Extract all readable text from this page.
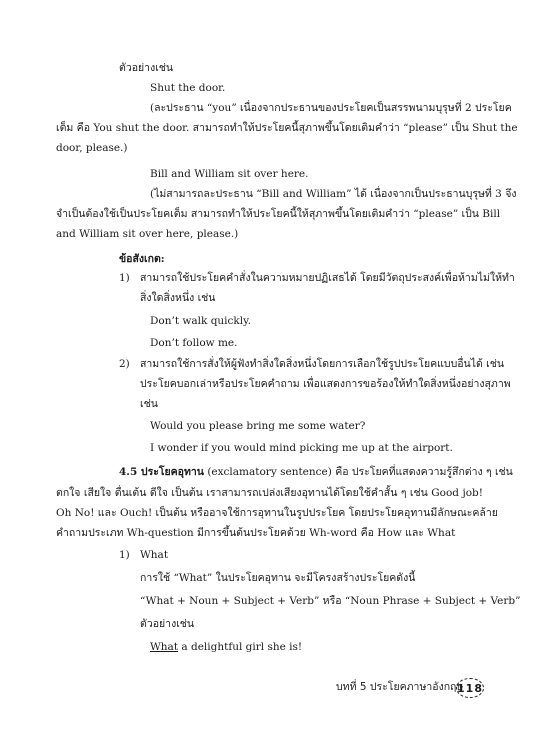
ตัวอย่างเช่น
Shut the door.
(ละประธาน “you” เนื่องจากประธานของประโยคเป็นสรรพนามบุรุษที่ 2 ประโยค
เต็ม คือ You shut the door. สามารถทำให้ประโยคนี้สุภาพขึ้นโดยเติมคำว่า “please” เป็น Shut the
door, please.)
Bill and William sit over here.
(ไม่สามารถละประธาน “Bill and William” ได้ เนื่องจากเป็นประธานบุรุษที่ 3 จึง
จำเป็นต้องใช้เป็นประโยคเต็ม สามารถทำให้ประโยคนี้ให้สุภาพขึ้นโดยเติมคำว่า “please” เป็น Bill
and William sit over here, please.)
ข้อสังเกต:
1) สามารถใช้ประโยคคำสั่งในความหมายปฏิเสธได้ โดยมีวัตถุประสงค์เพื่อห้ามไม่ให้ทำ
สิ่งใดสิ่งหนึ่ง เช่น
Don’t walk quickly.
Don’t follow me.
2) สามารถใช้การสั่งให้ผู้ฟังทำสิ่งใดสิ่งหนึ่งโดยการเลือกใช้รูปประโยคแบบอื่นได้ เช่น
ประโยคบอกเล่าหรือประโยคคำถาม เพื่อแสดงการขอร้องให้ทำใดสิ่งหนึ่งอย่างสุภาพ
เช่น
Would you please bring me some water?
I wonder if you would mind picking me up at the airport.
4.5 ประโยคอุทาน (exclamatory sentence) คือ ประโยคที่แสดงความรู้สึกต่าง ๆ เช่น
ตกใจ เสียใจ ตื่นเต้น ดีใจ เป็นต้น เราสามารถเปล่งเสียงอุทานได้โดยใช้คำสั้น ๆ เช่น Good job!
Oh No! และ Ouch! เป็นต้น หรืออาจใช้การอุทานในรูปประโยค โดยประโยคอุทานมีลักษณะคล้าย
คำถามประเภท Wh-question มีการขึ้นต้นประโยคด้วย Wh-word คือ How และ What
1) What
การใช้ “What” ในประโยคอุทาน จะมีโครงสร้างประโยคดังนี้
“What + Noun + Subject + Verb” หรือ “Noun Phrase + Subject + Verb”
ตัวอย่างเช่น
What a delightful girl she is!
บทที่ 5 ประโยคภาษาอังกฤษ
118
